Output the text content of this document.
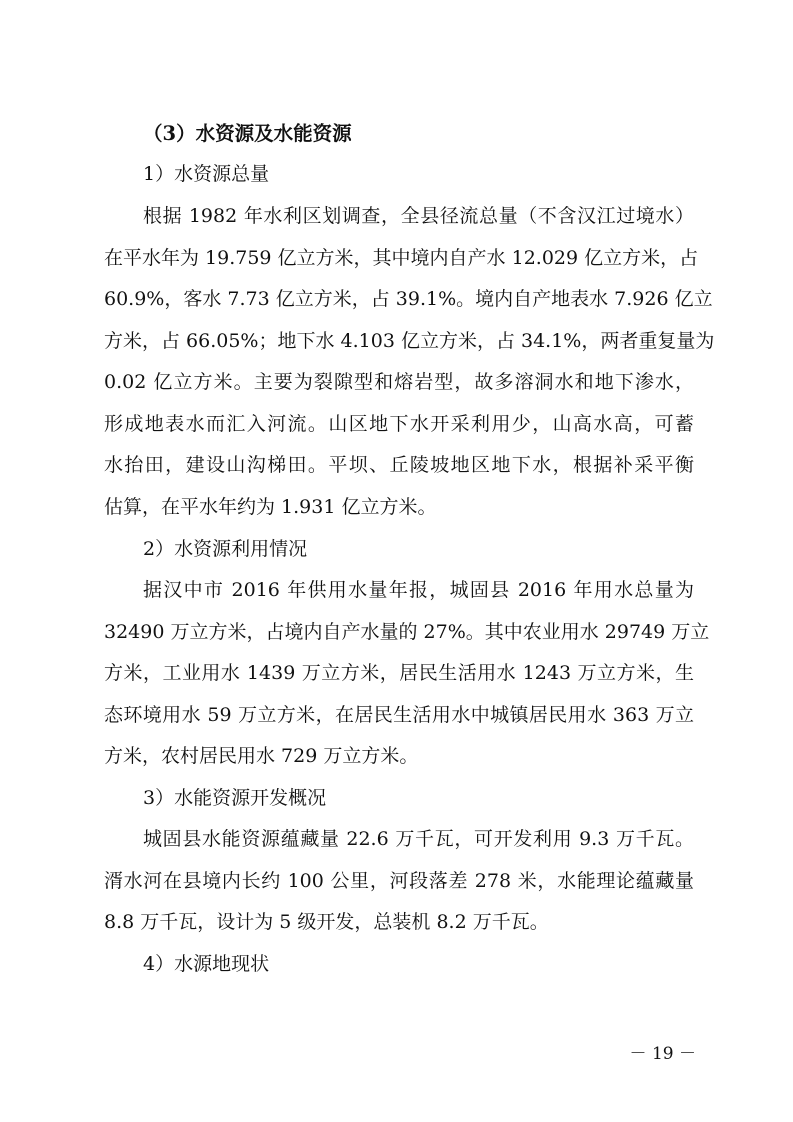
（3）水资源及水能资源
1）水资源总量
根据 1982 年水利区划调查，全县径流总量（不含汉江过境水）
在平水年为 19.759 亿立方米，其中境内自产水 12.029 亿立方米，占
60.9%，客水 7.73 亿立方米，占 39.1%。境内自产地表水 7.926 亿立
方米，占 66.05%；地下水 4.103 亿立方米，占 34.1%，两者重复量为
0.02 亿立方米。主要为裂隙型和熔岩型，故多溶洞水和地下渗水，
形成地表水而汇入河流。山区地下水开采利用少，山高水高，可蓄
水抬田，建设山沟梯田。平坝、丘陵坡地区地下水，根据补采平衡
估算，在平水年约为 1.931 亿立方米。
2）水资源利用情况
据汉中市 2016 年供用水量年报，城固县 2016 年用水总量为
32490 万立方米，占境内自产水量的 27%。其中农业用水 29749 万立
方米，工业用水 1439 万立方米，居民生活用水 1243 万立方米，生
态环境用水 59 万立方米，在居民生活用水中城镇居民用水 363 万立
方米，农村居民用水 729 万立方米。
3）水能资源开发概况
城固县水能资源蕴藏量 22.6 万千瓦，可开发利用 9.3 万千瓦。
湑水河在县境内长约 100 公里，河段落差 278 米，水能理论蕴藏量
8.8 万千瓦，设计为 5 级开发，总装机 8.2 万千瓦。
4）水源地现状
－ 19 －
